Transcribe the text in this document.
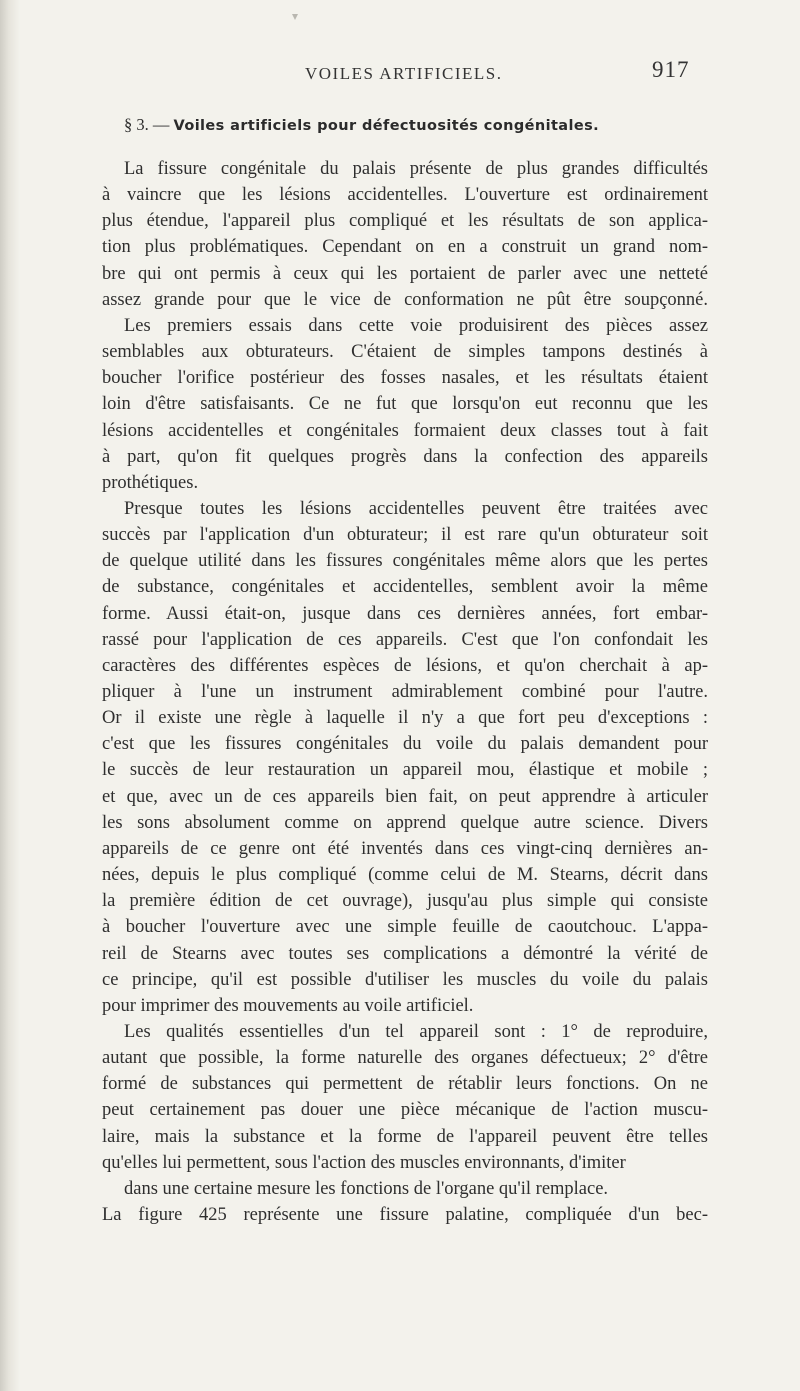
VOILES ARTIFICIELS.	917
§ 3. — Voiles artificiels pour défectuosités congénitales.
La fissure congénitale du palais présente de plus grandes difficultés
à vaincre que les lésions accidentelles. L'ouverture est ordinairement
plus étendue, l'appareil plus compliqué et les résultats de son applica-
tion plus problématiques. Cependant on en a construit un grand nom-
bre qui ont permis à ceux qui les portaient de parler avec une netteté
assez grande pour que le vice de conformation ne pût être soupçonné.
Les premiers essais dans cette voie produisirent des pièces assez
semblables aux obturateurs. C'étaient de simples tampons destinés à
boucher l'orifice postérieur des fosses nasales, et les résultats étaient
loin d'être satisfaisants. Ce ne fut que lorsqu'on eut reconnu que les
lésions accidentelles et congénitales formaient deux classes tout à fait
à part, qu'on fit quelques progrès dans la confection des appareils
prothétiques.
Presque toutes les lésions accidentelles peuvent être traitées avec
succès par l'application d'un obturateur; il est rare qu'un obturateur soit
de quelque utilité dans les fissures congénitales même alors que les pertes
de substance, congénitales et accidentelles, semblent avoir la même
forme. Aussi était-on, jusque dans ces dernières années, fort embar-
rassé pour l'application de ces appareils. C'est que l'on confondait les
caractères des différentes espèces de lésions, et qu'on cherchait à ap-
pliquer à l'une un instrument admirablement combiné pour l'autre.
Or il existe une règle à laquelle il n'y a que fort peu d'exceptions :
c'est que les fissures congénitales du voile du palais demandent pour
le succès de leur restauration un appareil mou, élastique et mobile ;
et que, avec un de ces appareils bien fait, on peut apprendre à articuler
les sons absolument comme on apprend quelque autre science. Divers
appareils de ce genre ont été inventés dans ces vingt-cinq dernières an-
nées, depuis le plus compliqué (comme celui de M. Stearns, décrit dans
la première édition de cet ouvrage), jusqu'au plus simple qui consiste
à boucher l'ouverture avec une simple feuille de caoutchouc. L'appa-
reil de Stearns avec toutes ses complications a démontré la vérité de
ce principe, qu'il est possible d'utiliser les muscles du voile du palais
pour imprimer des mouvements au voile artificiel.
Les qualités essentielles d'un tel appareil sont : 1° de reproduire,
autant que possible, la forme naturelle des organes défectueux; 2° d'être
formé de substances qui permettent de rétablir leurs fonctions. On ne
peut certainement pas douer une pièce mécanique de l'action muscu-
laire, mais la substance et la forme de l'appareil peuvent être telles
qu'elles lui permettent, sous l'action des muscles environnants, d'imiter
dans une certaine mesure les fonctions de l'organe qu'il remplace.
La figure 425 représente une fissure palatine, compliquée d'un bec-
